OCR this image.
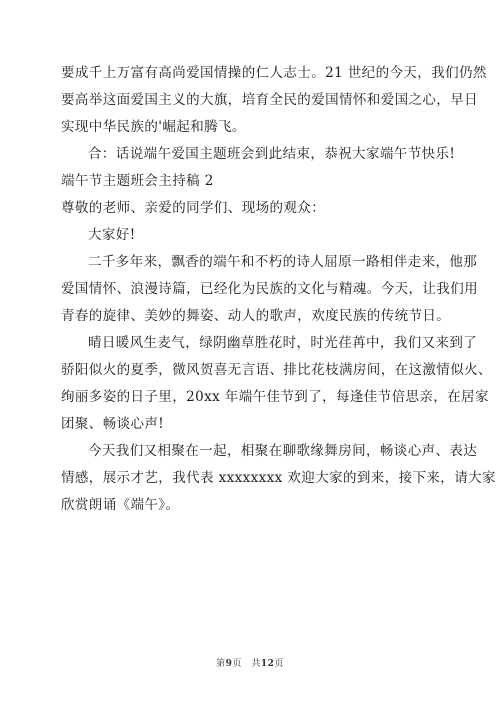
要成千上万富有高尚爱国情操的仁人志士。21 世纪的今天，我们仍然
要高举这面爱国主义的大旗，培育全民的爱国情怀和爱国之心，早日
实现中华民族的'崛起和腾飞。
合：话说端午爱国主题班会到此结束，恭祝大家端午节快乐!
端午节主题班会主持稿 2
尊敬的老师、亲爱的同学们、现场的观众：
大家好!
二千多年来，飘香的端午和不朽的诗人屈原一路相伴走来，他那
爱国情怀、浪漫诗篇，已经化为民族的文化与精魂。今天，让我们用
青春的旋律、美妙的舞姿、动人的歌声，欢度民族的传统节日。
晴日暖风生麦气，绿阴幽草胜花时，时光荏苒中，我们又来到了
骄阳似火的夏季，微风贺喜无言语、排比花枝满房间，在这激情似火、
绚丽多姿的日子里，20xx 年端午佳节到了，每逢佳节倍思亲，在居家
团聚、畅谈心声!
今天我们又相聚在一起，相聚在聊歌缘舞房间，畅谈心声、表达
情感，展示才艺，我代表 xxxxxxxx 欢迎大家的到来，接下来，请大家
欣赏朗诵《端午》。
第9页　共12页
